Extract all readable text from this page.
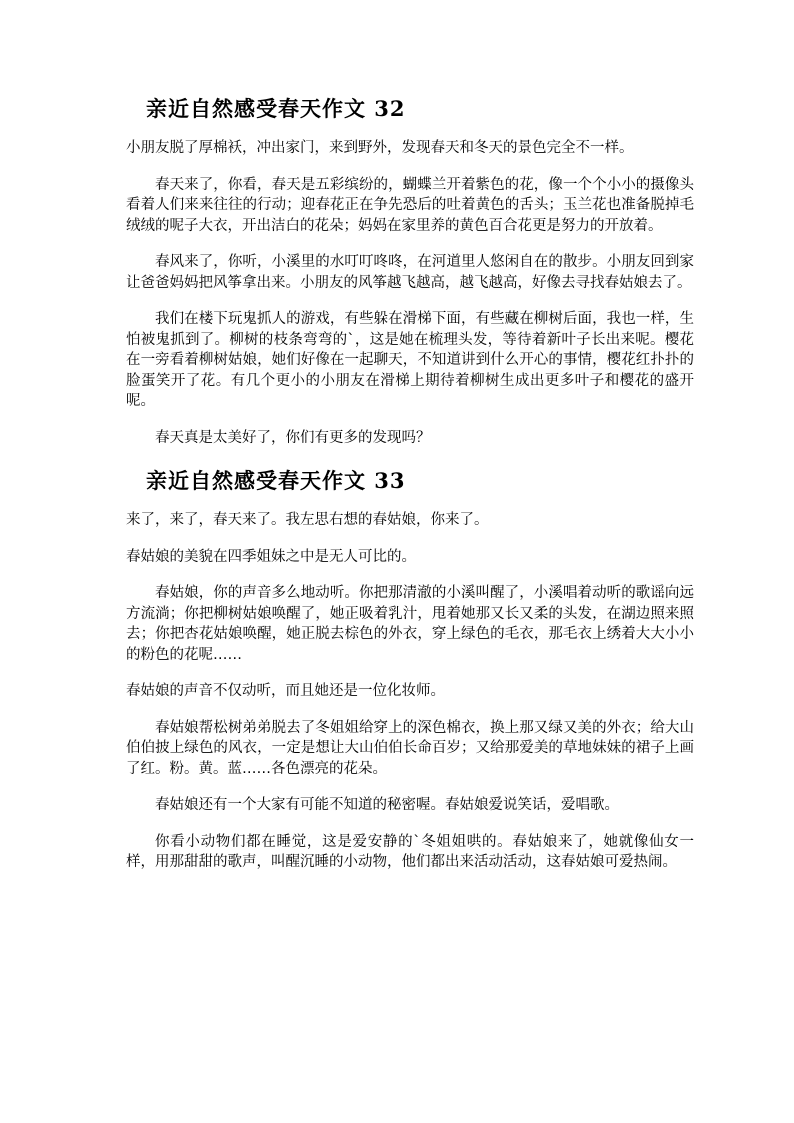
亲近自然感受春天作文 32

小朋友脱了厚棉袄，冲出家门，来到野外，发现春天和冬天的景色完全不一样。

春天来了，你看，春天是五彩缤纷的，蝴蝶兰开着紫色的花，像一个个小小的摄像头看着人们来来往往的行动；迎春花正在争先恐后的吐着黄色的舌头；玉兰花也准备脱掉毛绒绒的呢子大衣，开出洁白的花朵；妈妈在家里养的黄色百合花更是努力的开放着。

春风来了，你听，小溪里的水叮叮咚咚，在河道里人悠闲自在的散步。小朋友回到家让爸爸妈妈把风筝拿出来。小朋友的风筝越飞越高，越飞越高，好像去寻找春姑娘去了。

我们在楼下玩鬼抓人的游戏，有些躲在滑梯下面，有些藏在柳树后面，我也一样，生怕被鬼抓到了。柳树的枝条弯弯的`，这是她在梳理头发，等待着新叶子长出来呢。樱花在一旁看着柳树姑娘，她们好像在一起聊天，不知道讲到什么开心的事情，樱花红扑扑的脸蛋笑开了花。有几个更小的小朋友在滑梯上期待着柳树生成出更多叶子和樱花的盛开呢。

春天真是太美好了，你们有更多的发现吗？

亲近自然感受春天作文 33

来了，来了，春天来了。我左思右想的春姑娘，你来了。

春姑娘的美貌在四季姐妹之中是无人可比的。

春姑娘，你的声音多么地动听。你把那清澈的小溪叫醒了，小溪唱着动听的歌谣向远方流淌；你把柳树姑娘唤醒了，她正吸着乳汁，甩着她那又长又柔的头发，在湖边照来照去；你把杏花姑娘唤醒，她正脱去棕色的外衣，穿上绿色的毛衣，那毛衣上绣着大大小小的粉色的花呢……

春姑娘的声音不仅动听，而且她还是一位化妆师。

春姑娘帮松树弟弟脱去了冬姐姐给穿上的深色棉衣，换上那又绿又美的外衣；给大山伯伯披上绿色的风衣，一定是想让大山伯伯长命百岁；又给那爱美的草地妹妹的裙子上画了红。粉。黄。蓝……各色漂亮的花朵。

春姑娘还有一个大家有可能不知道的秘密喔。春姑娘爱说笑话，爱唱歌。

你看小动物们都在睡觉，这是爱安静的`冬姐姐哄的。春姑娘来了，她就像仙女一样，用那甜甜的歌声，叫醒沉睡的小动物，他们都出来活动活动，这春姑娘可爱热闹。
